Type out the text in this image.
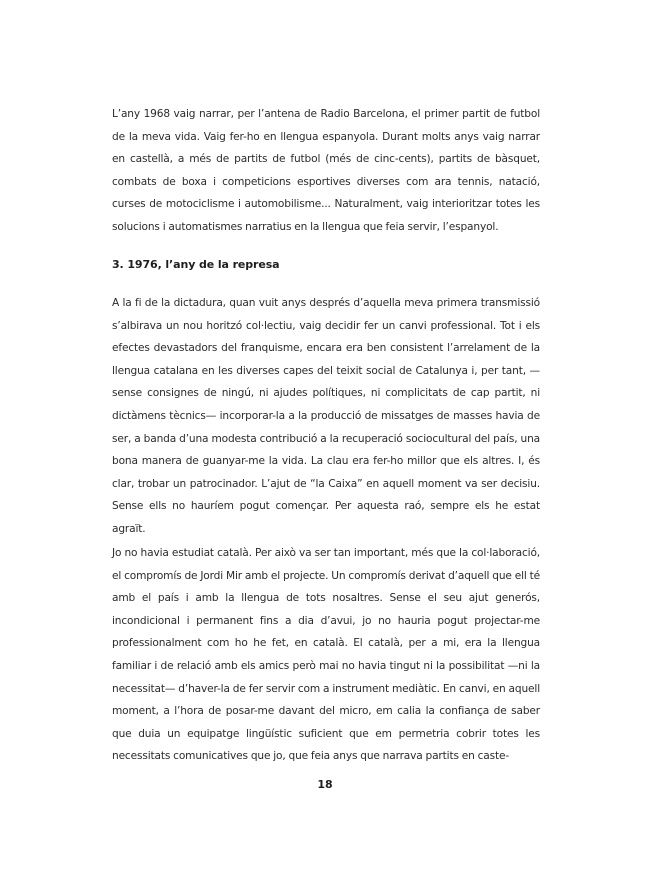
L’any 1968 vaig narrar, per l’antena de Radio Barcelona, el primer partit de futbol de la meva vida. Vaig fer-ho en llengua espanyola. Durant molts anys vaig narrar en castellà, a més de partits de futbol (més de cinc-cents), partits de bàsquet, combats de boxa i competicions esportives diverses com ara tennis, natació, curses de motociclisme i automobilisme... Naturalment, vaig interioritzar totes les solucions i automatismes narratius en la llengua que feia servir, l’espanyol.

3. 1976, l’any de la represa

A la fi de la dictadura, quan vuit anys després d’aquella meva primera transmissió s’albirava un nou horitzó col·lectiu, vaig decidir fer un canvi professional. Tot i els efectes devastadors del franquisme, encara era ben consistent l’arrelament de la llengua catalana en les diverses capes del teixit social de Catalunya i, per tant, —sense consignes de ningú, ni ajudes polítiques, ni complicitats de cap partit, ni dictàmens tècnics— incorporar-la a la producció de missatges de masses havia de ser, a banda d’una modesta contribució a la recuperació sociocultural del país, una bona manera de guanyar-me la vida. La clau era fer-ho millor que els altres. I, és clar, trobar un patrocinador. L’ajut de “la Caixa” en aquell moment va ser decisiu. Sense ells no hauríem pogut començar. Per aquesta raó, sempre els he estat agraït.

Jo no havia estudiat català. Per això va ser tan important, més que la col·laboració, el compromís de Jordi Mir amb el projecte. Un compromís derivat d’aquell que ell té amb el país i amb la llengua de tots nosaltres. Sense el seu ajut generós, incondicional i permanent fins a dia d’avui, jo no hauria pogut projectar-me professionalment com ho he fet, en català. El català, per a mi, era la llengua familiar i de relació amb els amics però mai no havia tingut ni la possibilitat —ni la necessitat— d’haver-la de fer servir com a instrument mediàtic. En canvi, en aquell moment, a l’hora de posar-me davant del micro, em calia la confiança de saber que duia un equipatge lingüístic suficient que em permetria cobrir totes les necessitats comunicatives que jo, que feia anys que narrava partits en caste-

18
